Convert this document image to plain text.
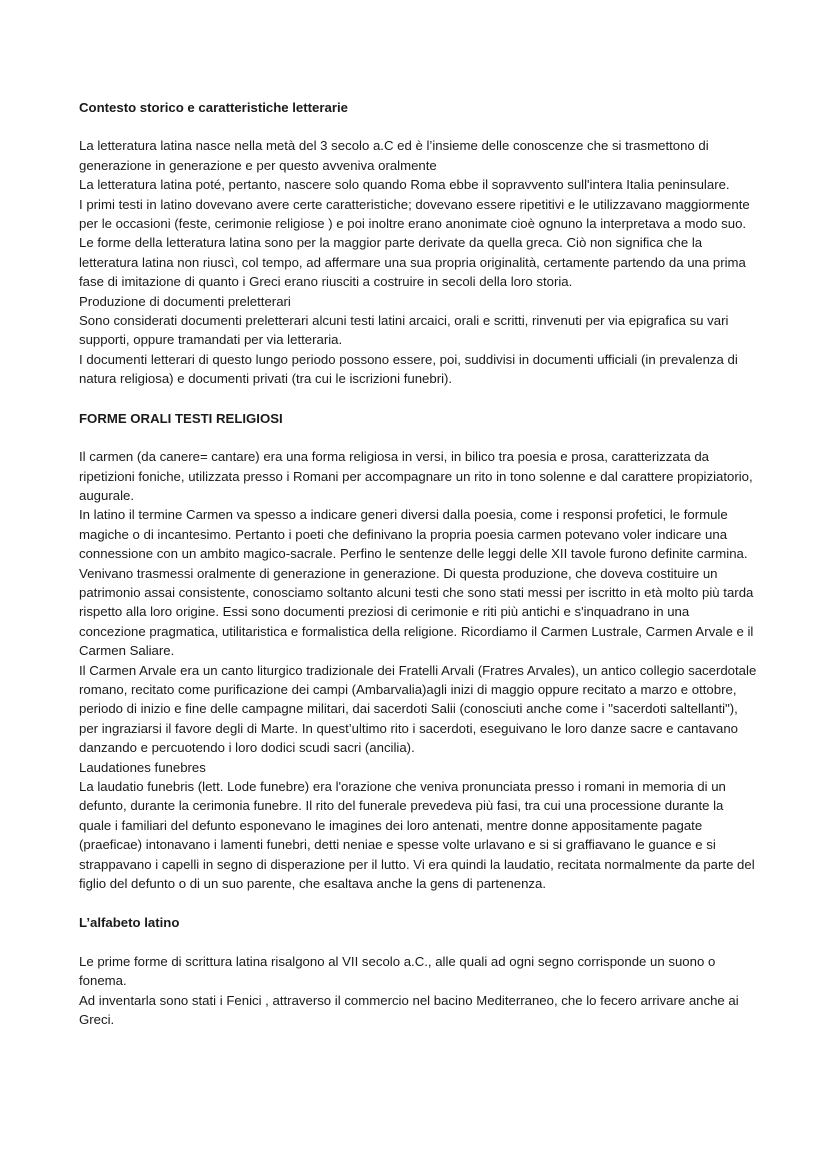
Contesto storico e caratteristiche letterarie

La letteratura latina nasce nella metà del 3 secolo a.C ed è l’insieme delle conoscenze che si trasmettono di generazione in generazione e per questo avveniva oralmente

La letteratura latina poté, pertanto, nascere solo quando Roma ebbe il sopravvento sull'intera Italia peninsulare.

I primi testi in latino dovevano avere certe caratteristiche; dovevano essere ripetitivi e le utilizzavano maggiormente per le occasioni (feste, cerimonie religiose ) e poi inoltre erano anonimate cioè ognuno la interpretava a modo suo.

Le forme della letteratura latina sono per la maggior parte derivate da quella greca. Ciò non significa che la letteratura latina non riuscì, col tempo, ad affermare una sua propria originalità, certamente partendo da una prima fase di imitazione di quanto i Greci erano riusciti a costruire in secoli della loro storia.

Produzione di documenti preletterari

Sono considerati documenti preletterari alcuni testi latini arcaici, orali e scritti, rinvenuti per via epigrafica su vari supporti, oppure tramandati per via letteraria.

I documenti letterari di questo lungo periodo possono essere, poi, suddivisi in documenti ufficiali (in prevalenza di natura religiosa) e documenti privati (tra cui le iscrizioni funebri).

FORME ORALI TESTI RELIGIOSI

Il carmen (da canere= cantare) era una forma religiosa in versi, in bilico tra poesia e prosa, caratterizzata da ripetizioni foniche, utilizzata presso i Romani per accompagnare un rito in tono solenne e dal carattere propiziatorio, augurale.

In latino il termine Carmen va spesso a indicare generi diversi dalla poesia, come i responsi profetici, le formule magiche o di incantesimo. Pertanto i poeti che definivano la propria poesia carmen potevano voler indicare una connessione con un ambito magico-sacrale. Perfino le sentenze delle leggi delle XII tavole furono definite carmina.

Venivano trasmessi oralmente di generazione in generazione. Di questa produzione, che doveva costituire un patrimonio assai consistente, conosciamo soltanto alcuni testi che sono stati messi per iscritto in età molto più tarda rispetto alla loro origine. Essi sono documenti preziosi di cerimonie e riti più antichi e s'inquadrano in una concezione pragmatica, utilitaristica e formalistica della religione. Ricordiamo il Carmen Lustrale, Carmen Arvale e il Carmen Saliare.

Il Carmen Arvale era un canto liturgico tradizionale dei Fratelli Arvali (Fratres Arvales), un antico collegio sacerdotale romano, recitato come purificazione dei campi (Ambarvalia)agli inizi di maggio oppure recitato a marzo e ottobre, periodo di inizio e fine delle campagne militari, dai sacerdoti Salii (conosciuti anche come i "sacerdoti saltellanti"), per ingraziarsi il favore degli di Marte. In quest’ultimo rito i sacerdoti, eseguivano le loro danze sacre e cantavano danzando e percuotendo i loro dodici scudi sacri (ancilia).

Laudationes funebres

La laudatio funebris (lett. Lode funebre) era l'orazione che veniva pronunciata presso i romani in memoria di un defunto, durante la cerimonia funebre. Il rito del funerale prevedeva più fasi, tra cui una processione durante la quale i familiari del defunto esponevano le imagines dei loro antenati, mentre donne appositamente pagate (praeficae) intonavano i lamenti funebri, detti neniae e spesse volte urlavano e si si graffiavano le guance e si strappavano i capelli in segno di disperazione per il lutto. Vi era quindi la laudatio, recitata normalmente da parte del figlio del defunto o di un suo parente, che esaltava anche la gens di partenenza.

L’alfabeto latino

Le prime forme di scrittura latina risalgono al VII secolo a.C., alle quali ad ogni segno corrisponde un suono o fonema.

Ad inventarla sono stati i Fenici , attraverso il commercio nel bacino Mediterraneo, che lo fecero arrivare anche ai Greci.
